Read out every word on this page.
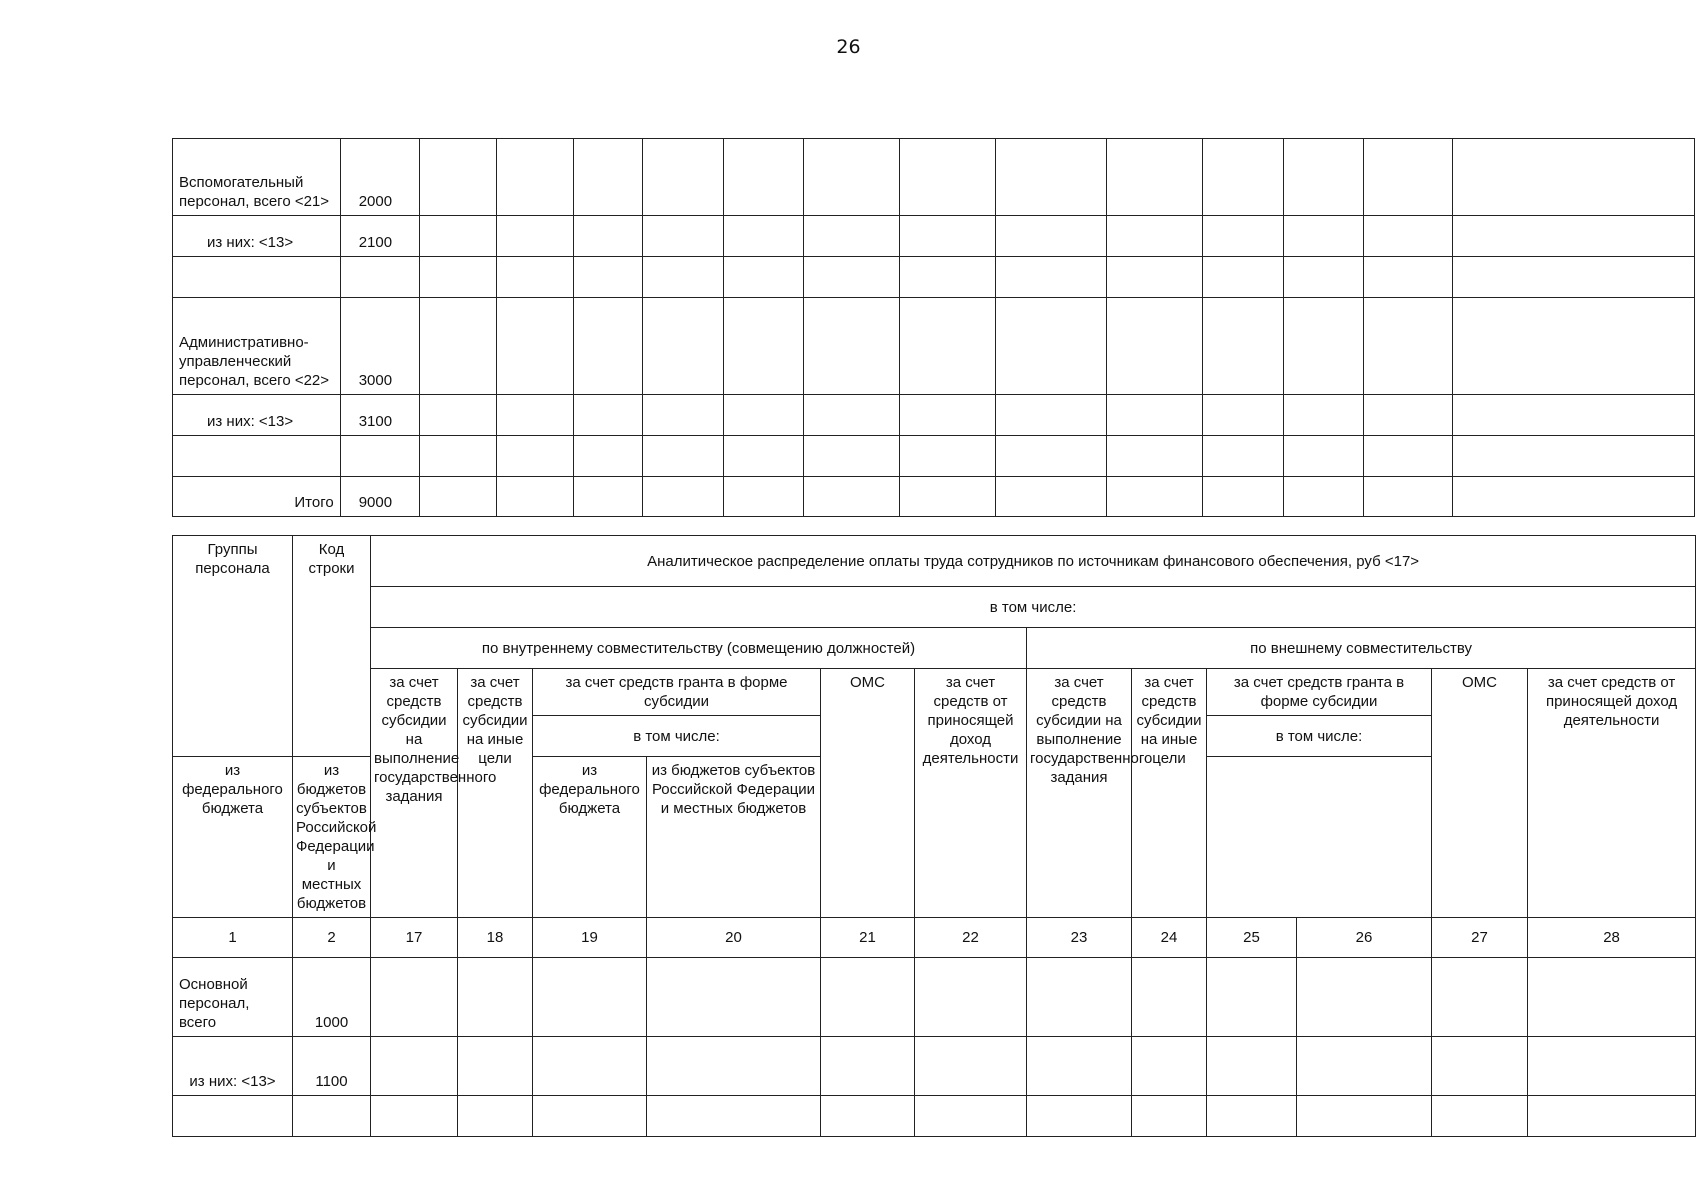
26
Вспомогательный персонал, всего <21>	2000													
из них: <13>	2100													

Административно-управленческий персонал, всего <22>	3000													
из них: <13>	3100													

Итого	9000													
Группы персонала	Код строки	Аналитическое распределение оплаты труда сотрудников по источникам финансового обеспечения, руб <17>											
		в том числе:											
		по внутреннему совместительству (совмещению должностей)						по внешнему совместительству					
		за счет средств субсидии на выполнение государственного задания	за счет средств субсидии на иные цели	за счет средств гранта в форме субсидии		ОМС	за счет средств от приносящей доход деятельности	за счет средств субсидии на выполнение государственного задания	за счет средств субсидии на иные цели	за счет средств гранта в форме субсидии		ОМС	за счет средств от приносящей доход деятельности
				в том числе:						в том числе:			
из федерального бюджета	из бюджетов субъектов Российской Федерации и местных бюджетов			из федерального бюджета	из бюджетов субъектов Российской Федерации и местных бюджетов								
1	2	17	18	19	20	21	22	23	24	25	26	27	28
Основной персонал, всего	1000												
из них: <13>	1100												
